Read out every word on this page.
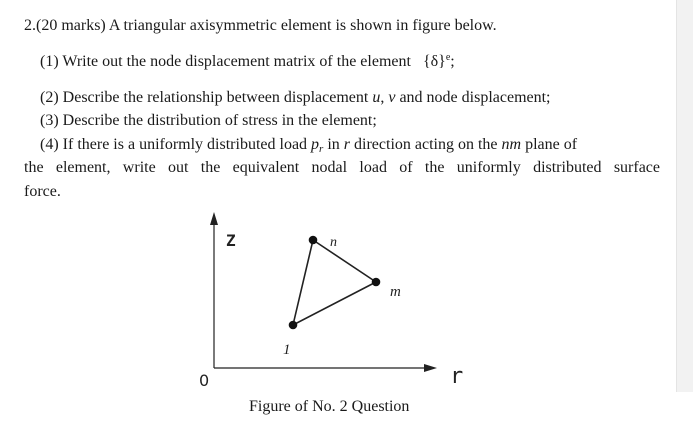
2.(20 marks) A triangular axisymmetric element is shown in figure below.
(1) Write out the node displacement matrix of the element   $\{\delta\}^e$;
(2) Describe the relationship between displacement u, v and node displacement;
(3) Describe the distribution of stress in the element;
(4) If there is a uniformly distributed load $p_r$ in r direction acting on the nm plane of
the element, write out the equivalent nodal load of the uniformly distributed surface
force.
Z
r
0
n
m
1
Figure of No. 2 Question
